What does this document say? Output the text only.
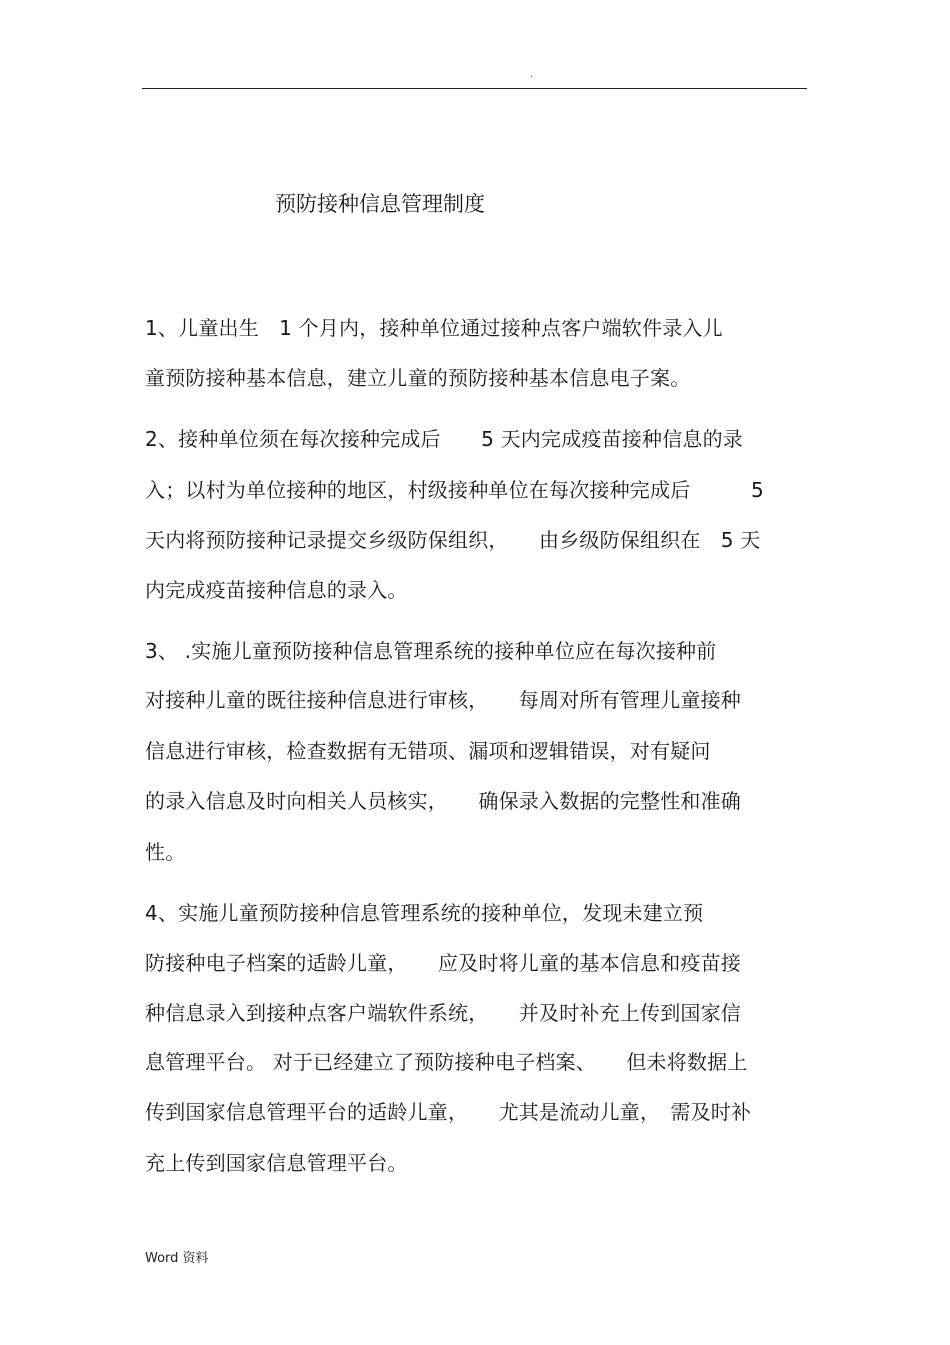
.
预防接种信息管理制度
1、儿童出生　1 个月内，接种单位通过接种点客户端软件录入儿
童预防接种基本信息，建立儿童的预防接种基本信息电子案。
2、接种单位须在每次接种完成后　　5 天内完成疫苗接种信息的录
入；以村为单位接种的地区，村级接种单位在每次接种完成后　　　5
天内将预防接种记录提交乡级防保组织，　　由乡级防保组织在　5 天
内完成疫苗接种信息的录入。
3、 .实施儿童预防接种信息管理系统的接种单位应在每次接种前
对接种儿童的既往接种信息进行审核，　　每周对所有管理儿童接种
信息进行审核，检查数据有无错项、漏项和逻辑错误，对有疑问
的录入信息及时向相关人员核实，　　确保录入数据的完整性和准确
性。
4、实施儿童预防接种信息管理系统的接种单位，发现未建立预
防接种电子档案的适龄儿童，　　应及时将儿童的基本信息和疫苗接
种信息录入到接种点客户端软件系统，　　并及时补充上传到国家信
息管理平台。 对于已经建立了预防接种电子档案、　　但未将数据上
传到国家信息管理平台的适龄儿童，　　尤其是流动儿童，　需及时补
充上传到国家信息管理平台。
Word 资料
